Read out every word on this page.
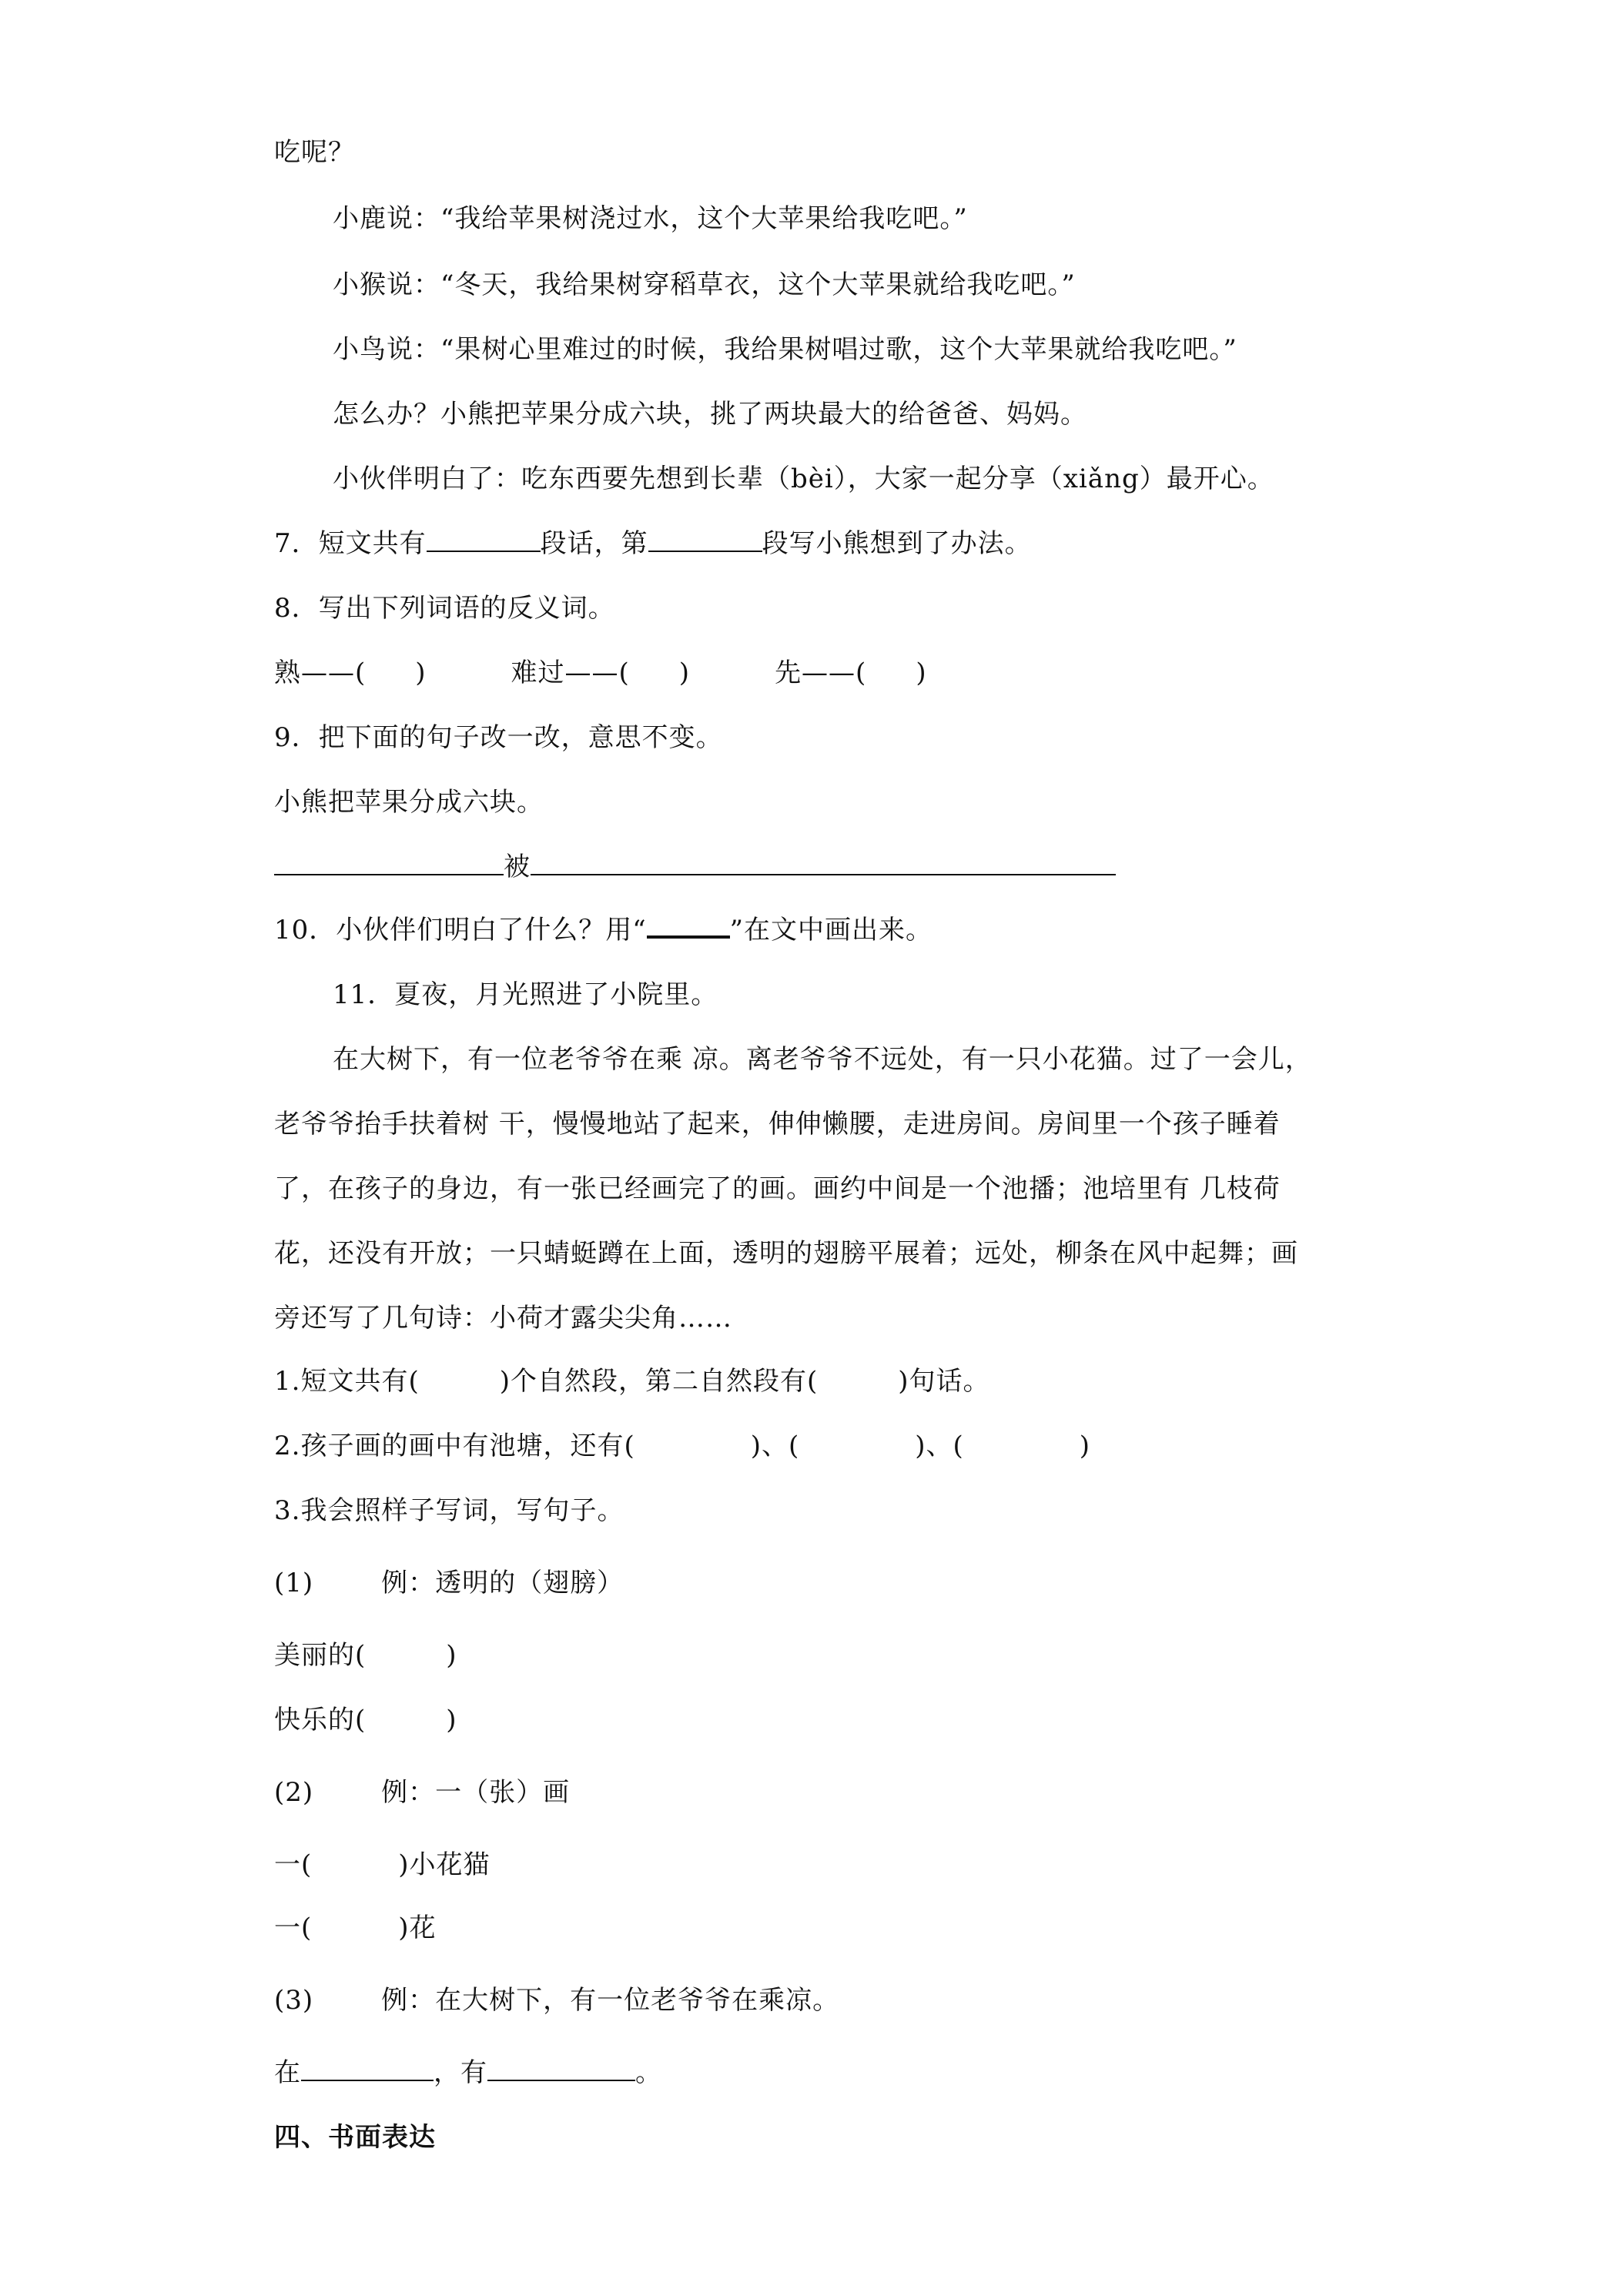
吃呢？
小鹿说：“我给苹果树浇过水，这个大苹果给我吃吧。”
小猴说：“冬天，我给果树穿稻草衣，这个大苹果就给我吃吧。”
小鸟说：“果树心里难过的时候，我给果树唱过歌，这个大苹果就给我吃吧。”
怎么办？小熊把苹果分成六块，挑了两块最大的给爸爸、妈妈。
小伙伴明白了：吃东西要先想到长辈（bèi），大家一起分享（xiǎng）最开心。
7．短文共有	段话，第	段写小熊想到了办法。
8．写出下列词语的反义词。
熟——( )	难过——( )	先——( )
9．把下面的句子改一改，意思不变。
小熊把苹果分成六块。
被
10．小伙伴们明白了什么？用“	”在文中画出来。
11．夏夜，月光照进了小院里。
在大树下，有一位老爷爷在乘 凉。离老爷爷不远处，有一只小花猫。过了一会儿，
老爷爷抬手扶着树 干，慢慢地站了起来，伸伸懒腰，走进房间。房间里一个孩子睡着
了，在孩子的身边，有一张已经画完了的画。画约中间是一个池播；池培里有 几枝荷
花，还没有开放；一只蜻蜓蹲在上面，透明的翅膀平展着；远处，柳条在风中起舞；画
旁还写了几句诗：小荷才露尖尖角……
1.短文共有(	)个自然段，第二自然段有(	)句话。
2.孩子画的画中有池塘，还有(	)、(	)、(	)
3.我会照样子写词，写句子。
(1)	例：透明的（翅膀）
美丽的(	)
快乐的(	)
(2)	例：一（张）画
一(	)小花猫
一(	)花
(3)	例：在大树下，有一位老爷爷在乘凉。
在	，有	。
四、书面表达
